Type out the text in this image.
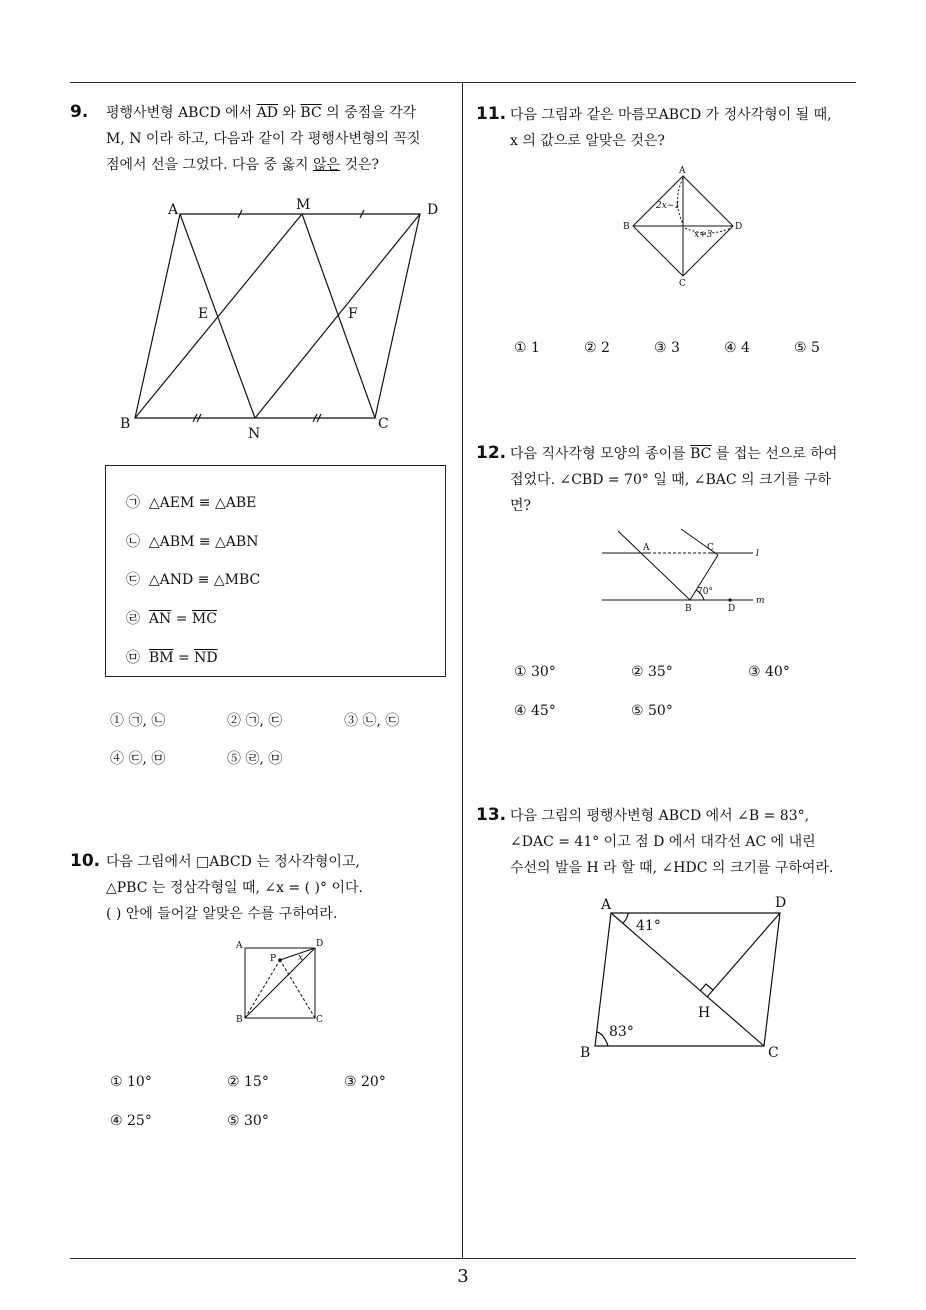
9. 평행사변형 ABCD 에서 $\overline{AD}$ 와 $\overline{BC}$ 의 중점을 각각
M, N 이라 하고, 다음과 같이 각 평행사변형의 꼭짓
점에서 선을 그었다. 다음 중 옳지 않은 것은?
A	M	D
E	F
B
N
C
㉠ △AEM ≡ △ABE
㉡ △ABM ≡ △ABN
㉢ △AND ≡ △MBC
㉣ $\overline{AN} = \overline{MC}$
㉤ $\overline{BM} = \overline{ND}$
① ㉠, ㉡	② ㉠, ㉢	③ ㉡, ㉢
④ ㉢, ㉤	⑤ ㉣, ㉤
10. 다음 그림에서 □ABCD 는 정사각형이고,
△PBC 는 정삼각형일 때, ∠x = ( )° 이다.
( ) 안에 들어갈 알맞은 수를 구하여라.
A	D
P x
B	C
① 10°	② 15°	③ 20°
④ 25°	⑤ 30°
11. 다음 그림과 같은 마름모ABCD 가 정사각형이 될 때,
x 의 값으로 알맞은 것은?
A
B
C
D
2x−1
x+3
① 1	② 2	③ 3	④ 4	⑤ 5
12. 다음 직사각형 모양의 종이를 $\overline{BC}$ 를 접는 선으로 하여
접었다. ∠CBD = 70° 일 때, ∠BAC 의 크기를 구하
면?
A	C
l
70°
B	D
m
① 30°	② 35°	③ 40°
④ 45°	⑤ 50°
13. 다음 그림의 평행사변형 ABCD 에서 ∠B = 83°,
∠DAC = 41° 이고 점 D 에서 대각선 AC 에 내린
수선의 발을 H 라 할 때, ∠HDC 의 크기를 구하여라.
A	D
41°
H
83°
B	C
3
